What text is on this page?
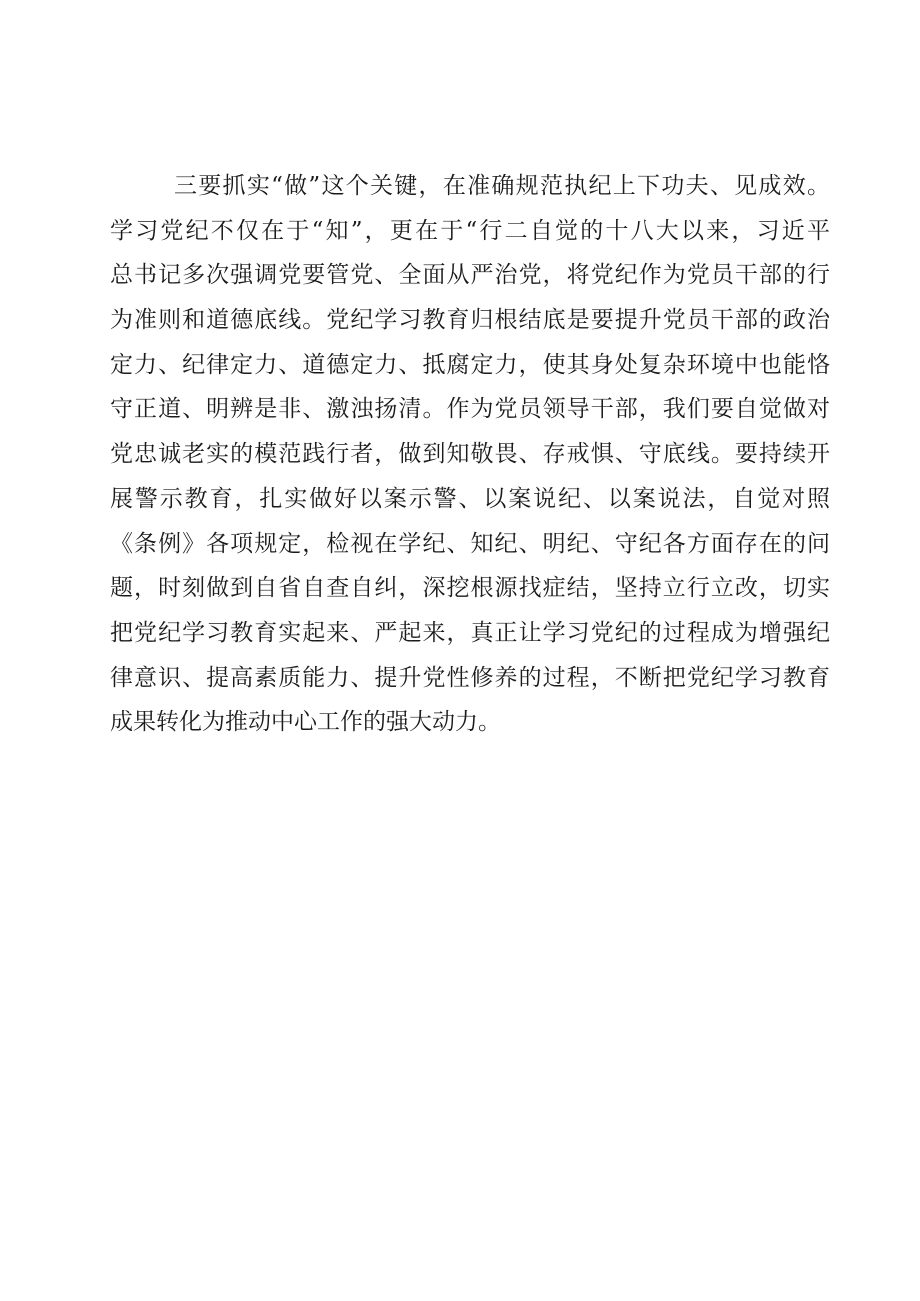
三要抓实“做”这个关键，在准确规范执纪上下功夫、见成效。
学习党纪不仅在于“知”，更在于“行二自觉的十八大以来，习近平
总书记多次强调党要管党、全面从严治党，将党纪作为党员干部的行
为准则和道德底线。党纪学习教育归根结底是要提升党员干部的政治
定力、纪律定力、道德定力、抵腐定力，使其身处复杂环境中也能恪
守正道、明辨是非、激浊扬清。作为党员领导干部，我们要自觉做对
党忠诚老实的模范践行者，做到知敬畏、存戒惧、守底线。要持续开
展警示教育，扎实做好以案示警、以案说纪、以案说法，自觉对照
《条例》各项规定，检视在学纪、知纪、明纪、守纪各方面存在的问
题，时刻做到自省自查自纠，深挖根源找症结，坚持立行立改，切实
把党纪学习教育实起来、严起来，真正让学习党纪的过程成为增强纪
律意识、提高素质能力、提升党性修养的过程，不断把党纪学习教育
成果转化为推动中心工作的强大动力。
